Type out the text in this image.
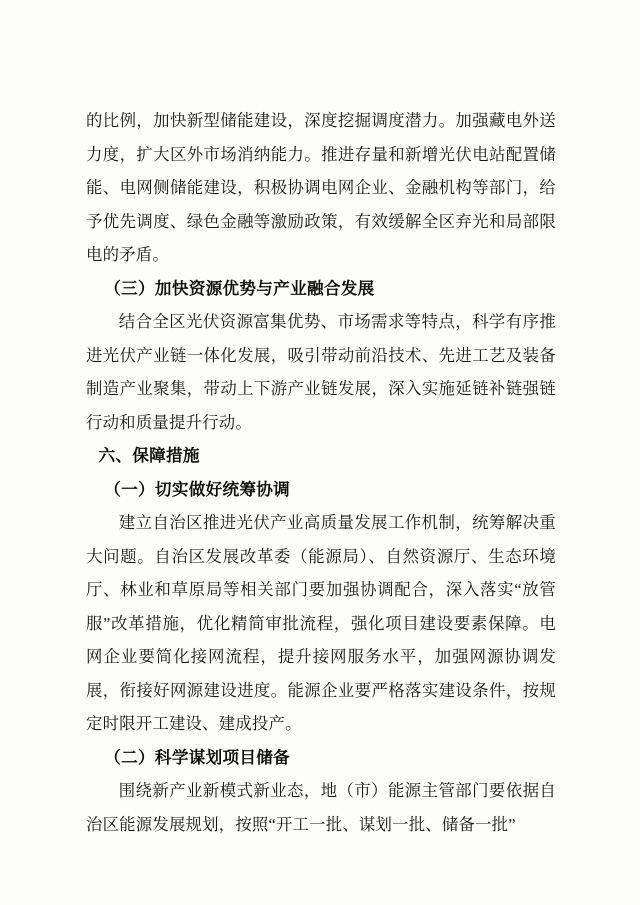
的比例，加快新型储能建设，深度挖掘调度潜力。加强藏电外送力度，扩大区外市场消纳能力。推进存量和新增光伏电站配置储能、电网侧储能建设，积极协调电网企业、金融机构等部门，给予优先调度、绿色金融等激励政策，有效缓解全区弃光和局部限电的矛盾。

（三）加快资源优势与产业融合发展

结合全区光伏资源富集优势、市场需求等特点，科学有序推进光伏产业链一体化发展，吸引带动前沿技术、先进工艺及装备制造产业聚集，带动上下游产业链发展，深入实施延链补链强链行动和质量提升行动。

六、保障措施
（一）切实做好统筹协调

建立自治区推进光伏产业高质量发展工作机制，统筹解决重大问题。自治区发展改革委（能源局）、自然资源厅、生态环境厅、林业和草原局等相关部门要加强协调配合，深入落实“放管服”改革措施，优化精简审批流程，强化项目建设要素保障。电网企业要简化接网流程，提升接网服务水平，加强网源协调发展，衔接好网源建设进度。能源企业要严格落实建设条件，按规定时限开工建设、建成投产。

（二）科学谋划项目储备

围绕新产业新模式新业态，地（市）能源主管部门要依据自治区能源发展规划，按照“开工一批、谋划一批、储备一批”
